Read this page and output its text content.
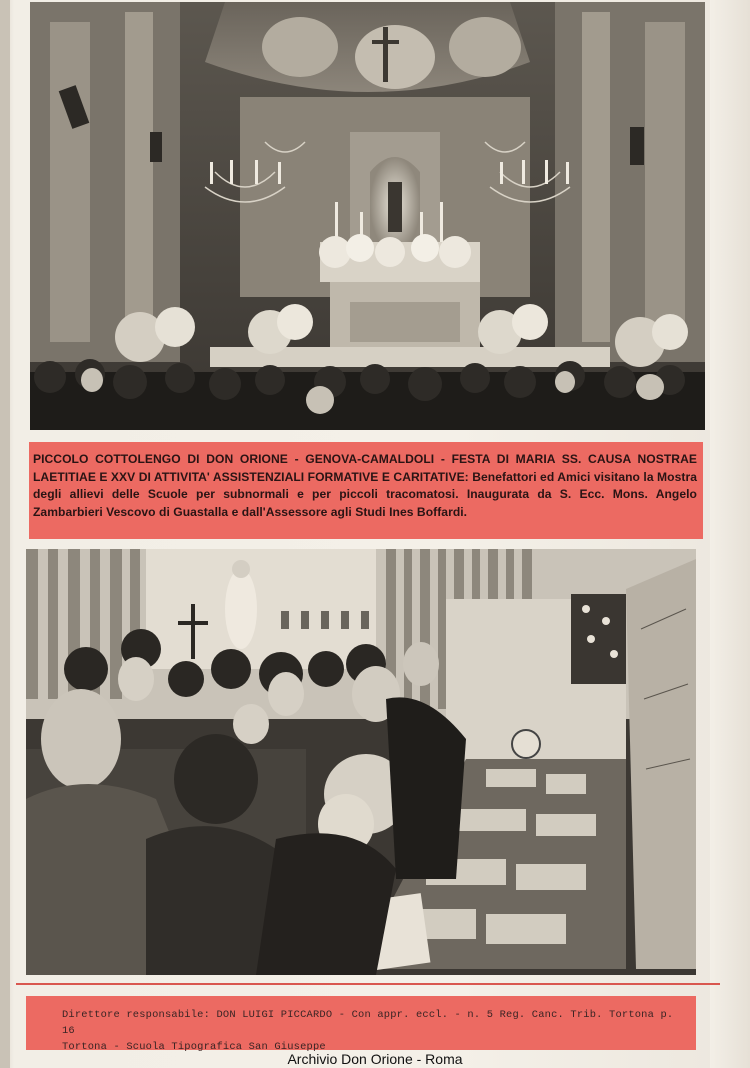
PICCOLO COTTOLENGO DI DON ORIONE - GENOVA-CAMALDOLI - FESTA DI MARIA SS. CAUSA NOSTRAE LAETITIAE E XXV DI ATTIVITA' ASSISTENZIALI FORMATIVE E CARITATIVE: Benefattori ed Amici visitano la Mostra degli allievi delle Scuole per subnormali e per piccoli tracomatosi. Inaugurata da S. Ecc. Mons. Angelo Zambarbieri Vescovo di Guastalla e dall'Assessore agli Studi Ines Boffardi.
Direttore responsabile: DON LUIGI PICCARDO - Con appr. eccl. - n. 5 Reg. Canc. Trib. Tortona p. 16
Tortona - Scuola Tipografica San Giuseppe
Archivio Don Orione - Roma
